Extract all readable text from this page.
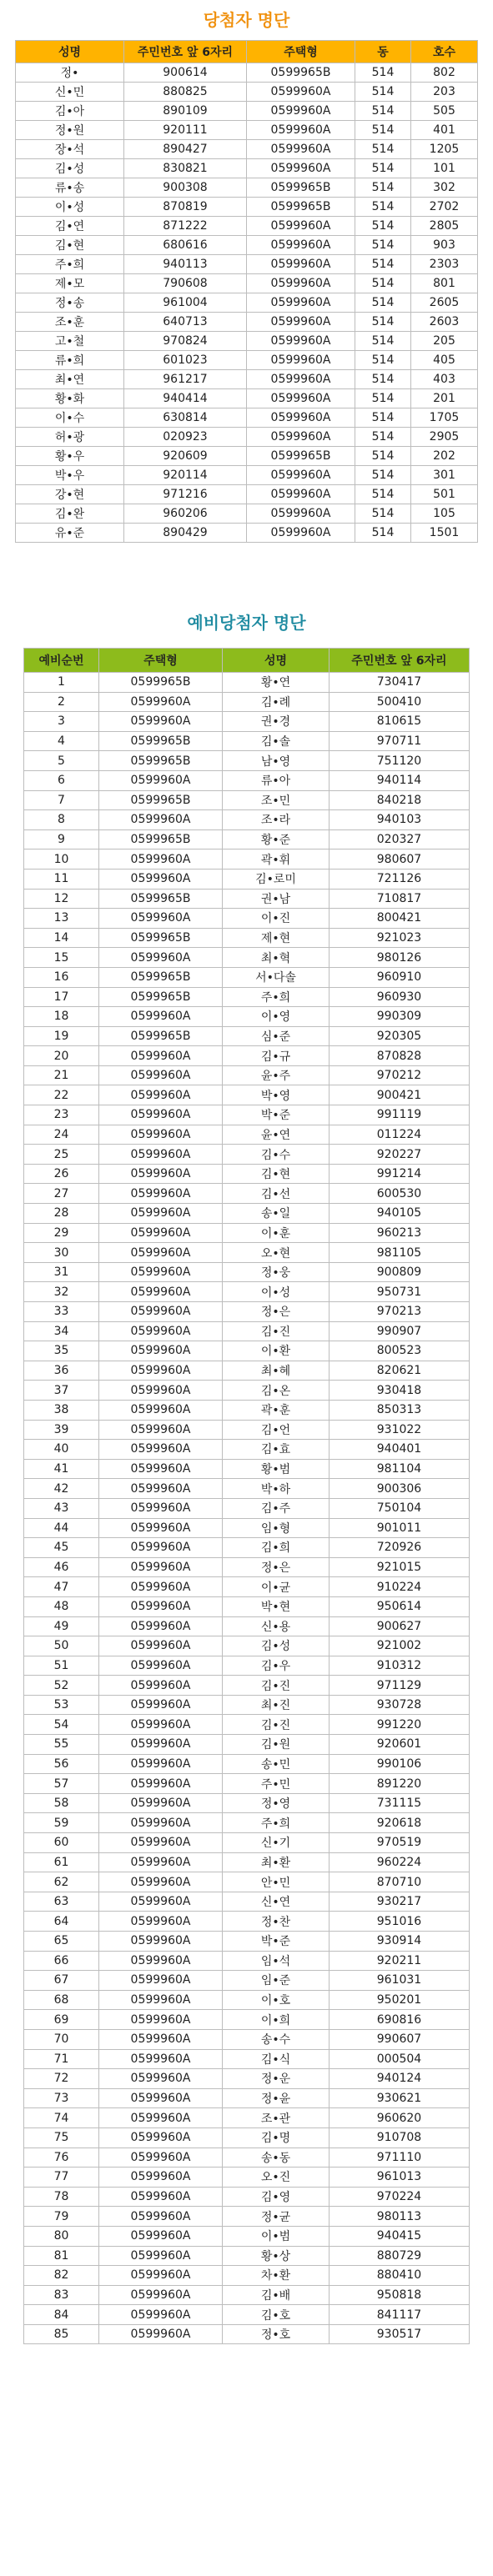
당첨자 명단
성명	주민번호 앞 6자리	주택형	동	호수
정•	900614	0599965B	514	802
신•민	880825	0599960A	514	203
김•아	890109	0599960A	514	505
정•원	920111	0599960A	514	401
장•석	890427	0599960A	514	1205
김•성	830821	0599960A	514	101
류•송	900308	0599965B	514	302
이•성	870819	0599965B	514	2702
김•연	871222	0599960A	514	2805
김•현	680616	0599960A	514	903
주•희	940113	0599960A	514	2303
제•모	790608	0599960A	514	801
정•송	961004	0599960A	514	2605
조•훈	640713	0599960A	514	2603
고•철	970824	0599960A	514	205
류•희	601023	0599960A	514	405
최•연	961217	0599960A	514	403
황•화	940414	0599960A	514	201
이•수	630814	0599960A	514	1705
허•광	020923	0599960A	514	2905
황•우	920609	0599965B	514	202
박•우	920114	0599960A	514	301
강•현	971216	0599960A	514	501
김•완	960206	0599960A	514	105
유•준	890429	0599960A	514	1501
예비당첨자 명단
예비순번	주택형	성명	주민번호 앞 6자리
1	0599965B	황•연	730417
2	0599960A	김•례	500410
3	0599960A	권•경	810615
4	0599965B	김•솔	970711
5	0599965B	남•영	751120
6	0599960A	류•아	940114
7	0599965B	조•민	840218
8	0599960A	조•라	940103
9	0599965B	황•준	020327
10	0599960A	곽•휘	980607
11	0599960A	김•로미	721126
12	0599965B	권•남	710817
13	0599960A	이•진	800421
14	0599965B	제•현	921023
15	0599960A	최•혁	980126
16	0599965B	서•다솔	960910
17	0599965B	주•희	960930
18	0599960A	이•영	990309
19	0599965B	심•준	920305
20	0599960A	김•규	870828
21	0599960A	윤•주	970212
22	0599960A	박•영	900421
23	0599960A	박•준	991119
24	0599960A	윤•연	011224
25	0599960A	김•수	920227
26	0599960A	김•현	991214
27	0599960A	김•선	600530
28	0599960A	송•일	940105
29	0599960A	이•훈	960213
30	0599960A	오•현	981105
31	0599960A	정•웅	900809
32	0599960A	이•성	950731
33	0599960A	정•은	970213
34	0599960A	김•진	990907
35	0599960A	이•환	800523
36	0599960A	최•혜	820621
37	0599960A	김•온	930418
38	0599960A	곽•훈	850313
39	0599960A	김•언	931022
40	0599960A	김•효	940401
41	0599960A	황•범	981104
42	0599960A	박•하	900306
43	0599960A	김•주	750104
44	0599960A	임•형	901011
45	0599960A	김•희	720926
46	0599960A	정•은	921015
47	0599960A	이•균	910224
48	0599960A	박•현	950614
49	0599960A	신•용	900627
50	0599960A	김•성	921002
51	0599960A	김•우	910312
52	0599960A	김•진	971129
53	0599960A	최•진	930728
54	0599960A	김•진	991220
55	0599960A	김•원	920601
56	0599960A	송•민	990106
57	0599960A	주•민	891220
58	0599960A	정•영	731115
59	0599960A	주•희	920618
60	0599960A	신•기	970519
61	0599960A	최•환	960224
62	0599960A	안•민	870710
63	0599960A	신•연	930217
64	0599960A	정•찬	951016
65	0599960A	박•준	930914
66	0599960A	임•석	920211
67	0599960A	임•준	961031
68	0599960A	이•호	950201
69	0599960A	이•희	690816
70	0599960A	송•수	990607
71	0599960A	김•식	000504
72	0599960A	정•운	940124
73	0599960A	정•윤	930621
74	0599960A	조•관	960620
75	0599960A	김•명	910708
76	0599960A	송•동	971110
77	0599960A	오•진	961013
78	0599960A	김•영	970224
79	0599960A	정•균	980113
80	0599960A	이•범	940415
81	0599960A	황•상	880729
82	0599960A	차•환	880410
83	0599960A	김•배	950818
84	0599960A	김•호	841117
85	0599960A	정•호	930517
